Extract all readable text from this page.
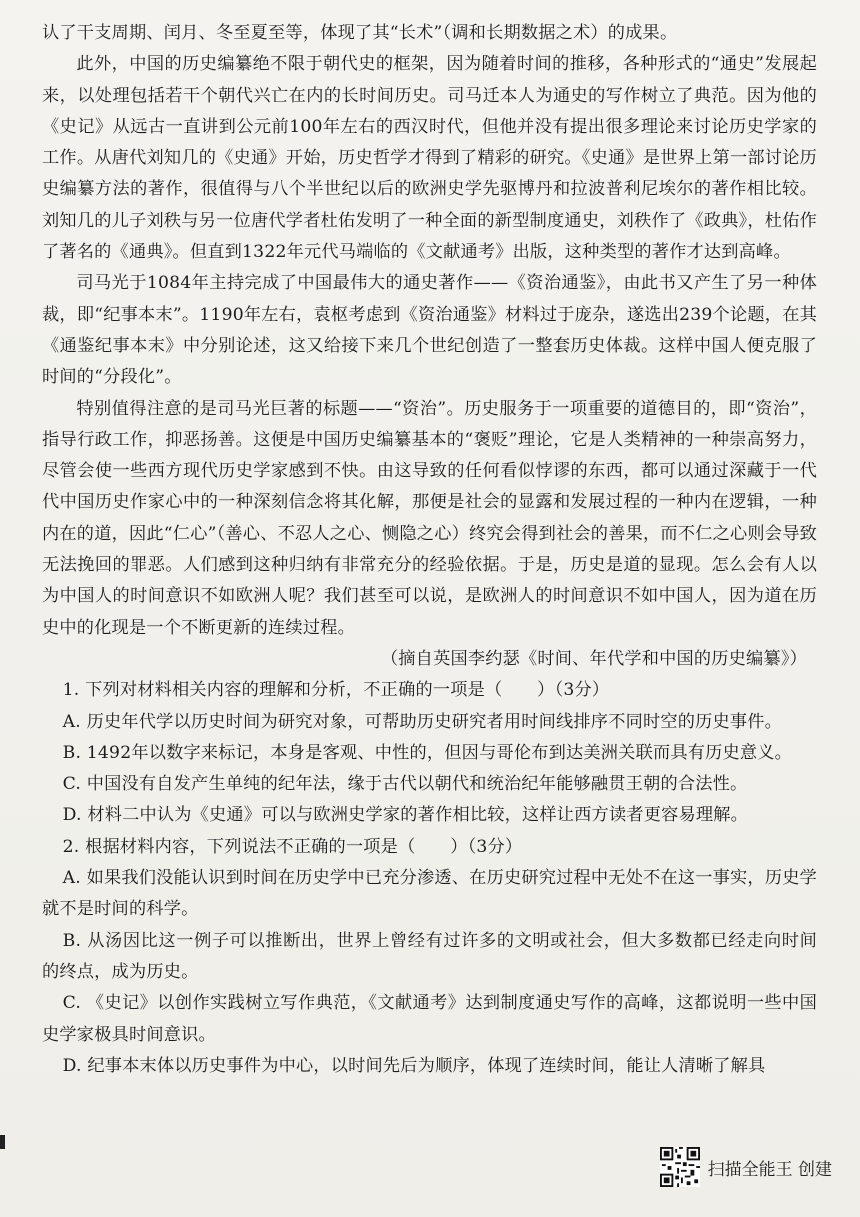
认了干支周期、闰月、冬至夏至等，体现了其“长术”（调和长期数据之术）的成果。

此外，中国的历史编纂绝不限于朝代史的框架，因为随着时间的推移，各种形式的“通史”发展起来，以处理包括若干个朝代兴亡在内的长时间历史。司马迁本人为通史的写作树立了典范。因为他的《史记》从远古一直讲到公元前100年左右的西汉时代，但他并没有提出很多理论来讨论历史学家的工作。从唐代刘知几的《史通》开始，历史哲学才得到了精彩的研究。《史通》是世界上第一部讨论历史编纂方法的著作，很值得与八个半世纪以后的欧洲史学先驱博丹和拉波普利尼埃尔的著作相比较。刘知几的儿子刘秩与另一位唐代学者杜佑发明了一种全面的新型制度通史，刘秩作了《政典》，杜佑作了著名的《通典》。但直到1322年元代马端临的《文献通考》出版，这种类型的著作才达到高峰。

司马光于1084年主持完成了中国最伟大的通史著作——《资治通鉴》，由此书又产生了另一种体裁，即“纪事本末”。1190年左右，袁枢考虑到《资治通鉴》材料过于庞杂，遂选出239个论题，在其《通鉴纪事本末》中分别论述，这又给接下来几个世纪创造了一整套历史体裁。这样中国人便克服了时间的“分段化”。

特别值得注意的是司马光巨著的标题——“资治”。历史服务于一项重要的道德目的，即“资治”，指导行政工作，抑恶扬善。这便是中国历史编纂基本的“褒贬”理论，它是人类精神的一种崇高努力，尽管会使一些西方现代历史学家感到不快。由这导致的任何看似悖谬的东西，都可以通过深藏于一代代中国历史作家心中的一种深刻信念将其化解，那便是社会的显露和发展过程的一种内在逻辑，一种内在的道，因此“仁心”（善心、不忍人之心、恻隐之心）终究会得到社会的善果，而不仁之心则会导致无法挽回的罪恶。人们感到这种归纳有非常充分的经验依据。于是，历史是道的显现。怎么会有人以为中国人的时间意识不如欧洲人呢？我们甚至可以说，是欧洲人的时间意识不如中国人，因为道在历史中的化现是一个不断更新的连续过程。

（摘自英国李约瑟《时间、年代学和中国的历史编纂》）

1. 下列对材料相关内容的理解和分析，不正确的一项是（　　）（3分）

A. 历史年代学以历史时间为研究对象，可帮助历史研究者用时间线排序不同时空的历史事件。

B. 1492年以数字来标记，本身是客观、中性的，但因与哥伦布到达美洲关联而具有历史意义。

C. 中国没有自发产生单纯的纪年法，缘于古代以朝代和统治纪年能够融贯王朝的合法性。

D. 材料二中认为《史通》可以与欧洲史学家的著作相比较，这样让西方读者更容易理解。

2. 根据材料内容，下列说法不正确的一项是（　　）（3分）

A. 如果我们没能认识到时间在历史学中已充分渗透、在历史研究过程中无处不在这一事实，历史学就不是时间的科学。

B. 从汤因比这一例子可以推断出，世界上曾经有过许多的文明或社会，但大多数都已经走向时间的终点，成为历史。

C. 《史记》以创作实践树立写作典范，《文献通考》达到制度通史写作的高峰，这都说明一些中国史学家极具时间意识。

D. 纪事本末体以历史事件为中心，以时间先后为顺序，体现了连续时间，能让人清晰了解具

扫描全能王 创建
